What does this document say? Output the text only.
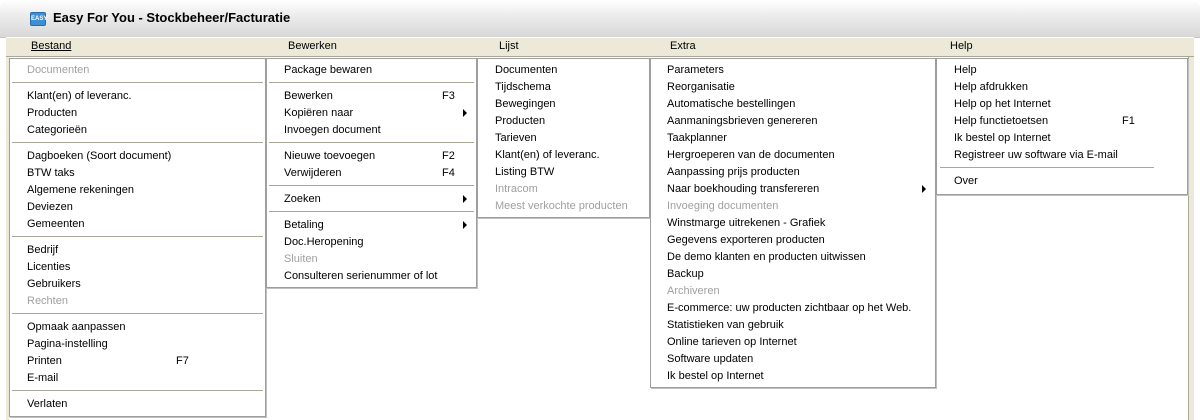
EASY Easy For You - Stockbeheer/Facturatie
Bestand	Bewerken	Lijst	Extra	Help
Documenten
Klant(en) of leveranc.
Producten
Categorieën
Dagboeken (Soort document)
BTW taks
Algemene rekeningen
Deviezen
Gemeenten
Bedrijf
Licenties
Gebruikers
Rechten
Opmaak aanpassen
Pagina-instelling
Printen	F7
E-mail
Verlaten
Package bewaren
Bewerken	F3
Kopiëren naar
Invoegen document
Nieuwe toevoegen	F2
Verwijderen	F4
Zoeken
Betaling
Doc.Heropening
Sluiten
Consulteren serienummer of lot
Documenten
Tijdschema
Bewegingen
Producten
Tarieven
Klant(en) of leveranc.
Listing BTW
Intracom
Meest verkochte producten
Parameters
Reorganisatie
Automatische bestellingen
Aanmaningsbrieven genereren
Taakplanner
Hergroeperen van de documenten
Aanpassing prijs producten
Naar boekhouding transfereren
Invoeging documenten
Winstmarge uitrekenen - Grafiek
Gegevens exporteren producten
De demo klanten en producten uitwissen
Backup
Archiveren
E-commerce: uw producten zichtbaar op het Web.
Statistieken van gebruik
Online tarieven op Internet
Software updaten
Ik bestel op Internet
Help
Help afdrukken
Help op het Internet
Help functietoetsen	F1
Ik bestel op Internet
Registreer uw software via E-mail
Over
